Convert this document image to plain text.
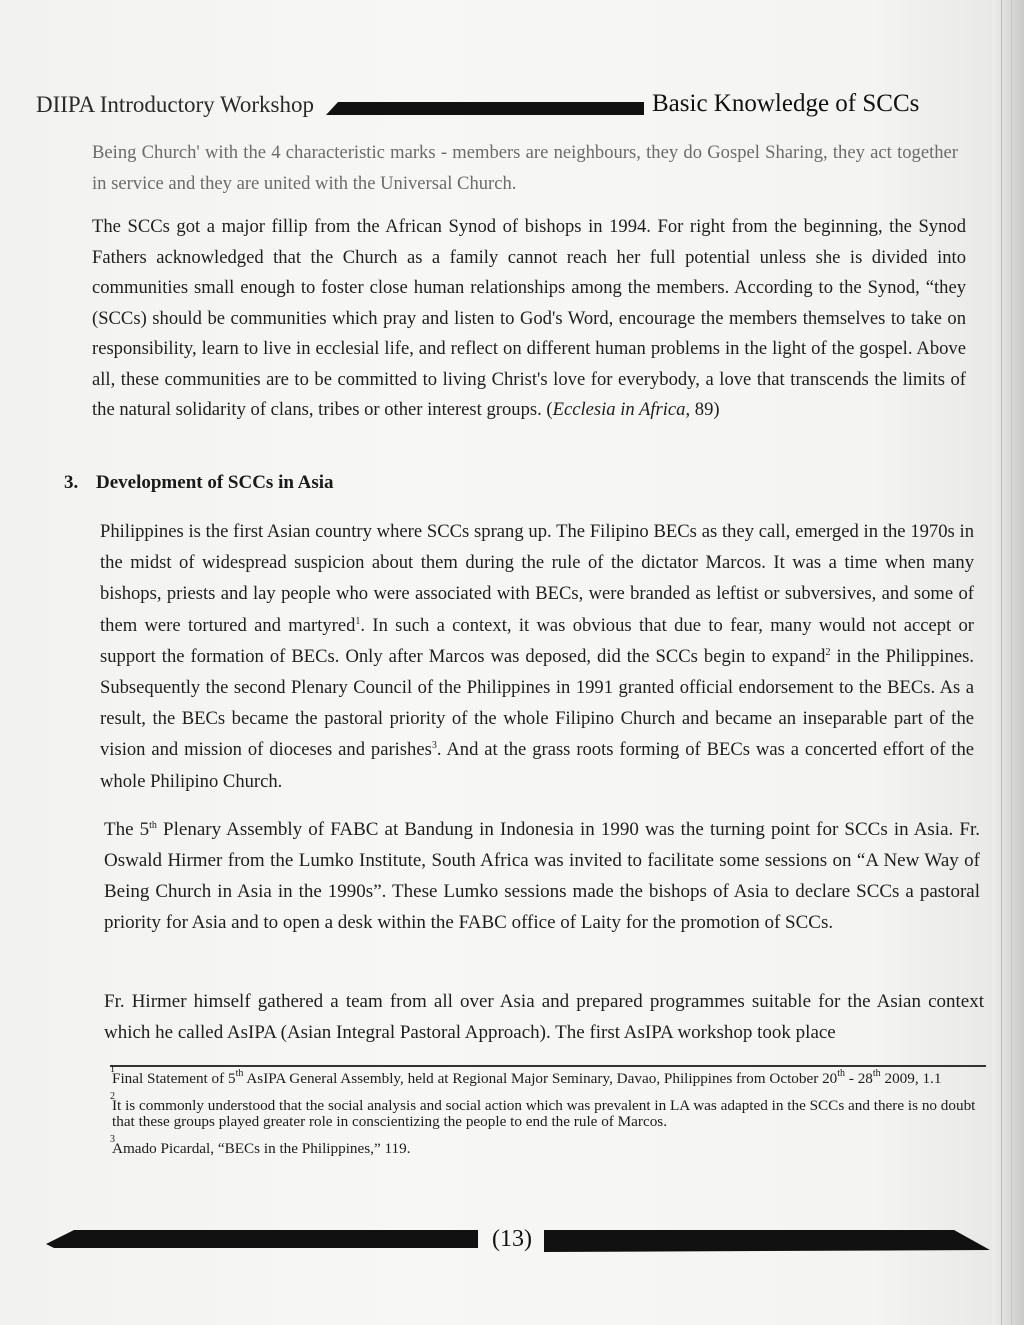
DIIPA Introductory Workshop	Basic Knowledge of SCCs
Being Church' with the 4 characteristic marks - members are neighbours, they do Gospel Sharing, they act together in service and they are united with the Universal Church.
The SCCs got a major fillip from the African Synod of bishops in 1994. For right from the beginning, the Synod Fathers acknowledged that the Church as a family cannot reach her full potential unless she is divided into communities small enough to foster close human relationships among the members. According to the Synod, “they (SCCs) should be communities which pray and listen to God's Word, encourage the members themselves to take on responsibility, learn to live in ecclesial life, and reflect on different human problems in the light of the gospel. Above all, these communities are to be committed to living Christ's love for everybody, a love that transcends the limits of the natural solidarity of clans, tribes or other interest groups. (Ecclesia in Africa, 89)
3. Development of SCCs in Asia
Philippines is the first Asian country where SCCs sprang up. The Filipino BECs as they call, emerged in the 1970s in the midst of widespread suspicion about them during the rule of the dictator Marcos. It was a time when many bishops, priests and lay people who were associated with BECs, were branded as leftist or subversives, and some of them were tortured and martyred$^1$. In such a context, it was obvious that due to fear, many would not accept or support the formation of BECs. Only after Marcos was deposed, did the SCCs begin to expand$^2$ in the Philippines. Subsequently the second Plenary Council of the Philippines in 1991 granted official endorsement to the BECs. As a result, the BECs became the pastoral priority of the whole Filipino Church and became an inseparable part of the vision and mission of dioceses and parishes$^3$. And at the grass roots forming of BECs was a concerted effort of the whole Philipino Church.
The 5th Plenary Assembly of FABC at Bandung in Indonesia in 1990 was the turning point for SCCs in Asia. Fr. Oswald Hirmer from the Lumko Institute, South Africa was invited to facilitate some sessions on “A New Way of Being Church in Asia in the 1990s”. These Lumko sessions made the bishops of Asia to declare SCCs a pastoral priority for Asia and to open a desk within the FABC office of Laity for the promotion of SCCs.
Fr. Hirmer himself gathered a team from all over Asia and prepared programmes suitable for the Asian context which he called AsIPA (Asian Integral Pastoral Approach). The first AsIPA workshop took place
1

Final Statement of 5th AsIPA General Assembly, held at Regional Major Seminary, Davao, Philippines from October 20th - 28th 2009, 1.1

2

It is commonly understood that the social analysis and social action which was prevalent in LA was adapted in the SCCs and there is no doubt that these groups played greater role in conscientizing the people to end the rule of Marcos.

3

Amado Picardal, “BECs in the Philippines,” 119.

(13)
